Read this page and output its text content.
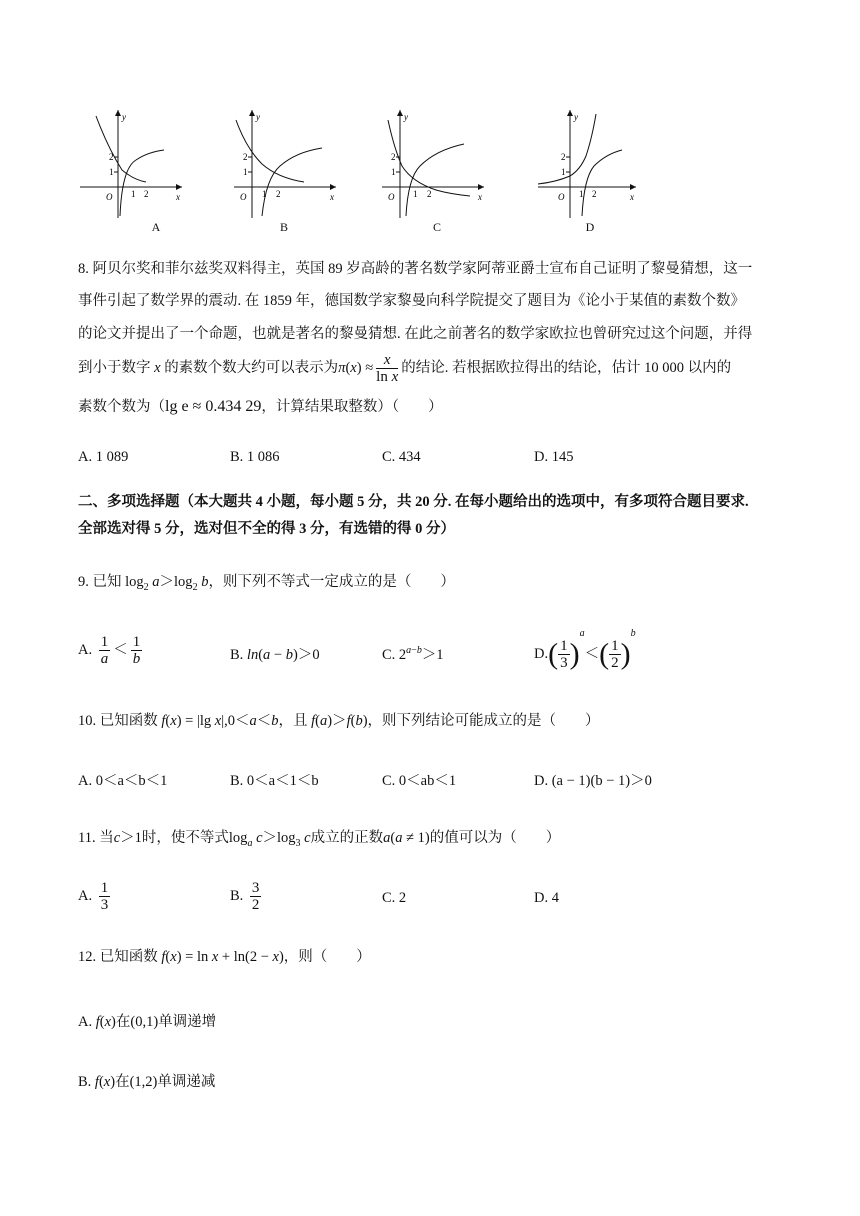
y
x
O
2
1
1 2
y
x
O
2
1
1 2
y
x
O
2
1
1 2
y
x
O
2
1
1 2
A	B	C	D
8. 阿贝尔奖和菲尔兹奖双料得主，英国 89 岁高龄的著名数学家阿蒂亚爵士宣布自己证明了黎曼猜想，这一
事件引起了数学界的震动. 在 1859 年，德国数学家黎曼向科学院提交了题目为《论小于某值的素数个数》
的论文并提出了一个命题，也就是著名的黎曼猜想. 在此之前著名的数学家欧拉也曾研究过这个问题，并得
到小于数字 x 的素数个数大约可以表示为$\pi(x) \approx \frac{x}{\text{ln x}}$ 的结论. 若根据欧拉得出的结论，估计 10 000 以内的
素数个数为（lg e ≈ 0.434 29，计算结果取整数）（　　）
A. 1 089	B. 1 086	C. 434	D. 145
二、多项选择题（本大题共 4 小题，每小题 5 分，共 20 分. 在每小题给出的选项中，有多项符合题目要求.
全部选对得 5 分，选对但不全的得 3 分，有选错的得 0 分）
9. 已知 $\log_2 a>\log_2$ b，则下列不等式一定成立的是（　　）
A. $\frac{1}{a} < \frac{1}{b}$	B. ln(a − b)＞0	C. $2^{a-b}>1$	$D.( \frac{1}{3} )^a<( \frac{1}{2} )^b$
10. 已知函数 f(x) = |lg x|,0＜a＜b，且 f(a)＞f(b)，则下列结论可能成立的是（　　）
A. 0＜a＜b＜1	B. 0＜a＜1＜b	C. 0＜ab＜1	D. (a − 1)(b − 1)＞0
11. 当c＞1时，使不等式$\log_a c>\log_3$ c成立的正数a(a ≠ 1)的值可以为（　　）
A. $\frac{1}{3}$	B. $\frac{3}{2}$	C. 2	D. 4
12. 已知函数 f(x) = ln x + ln(2 − x)，则（　　）
A. f(x)在(0,1)单调递增
B. f(x)在(1,2)单调递减
